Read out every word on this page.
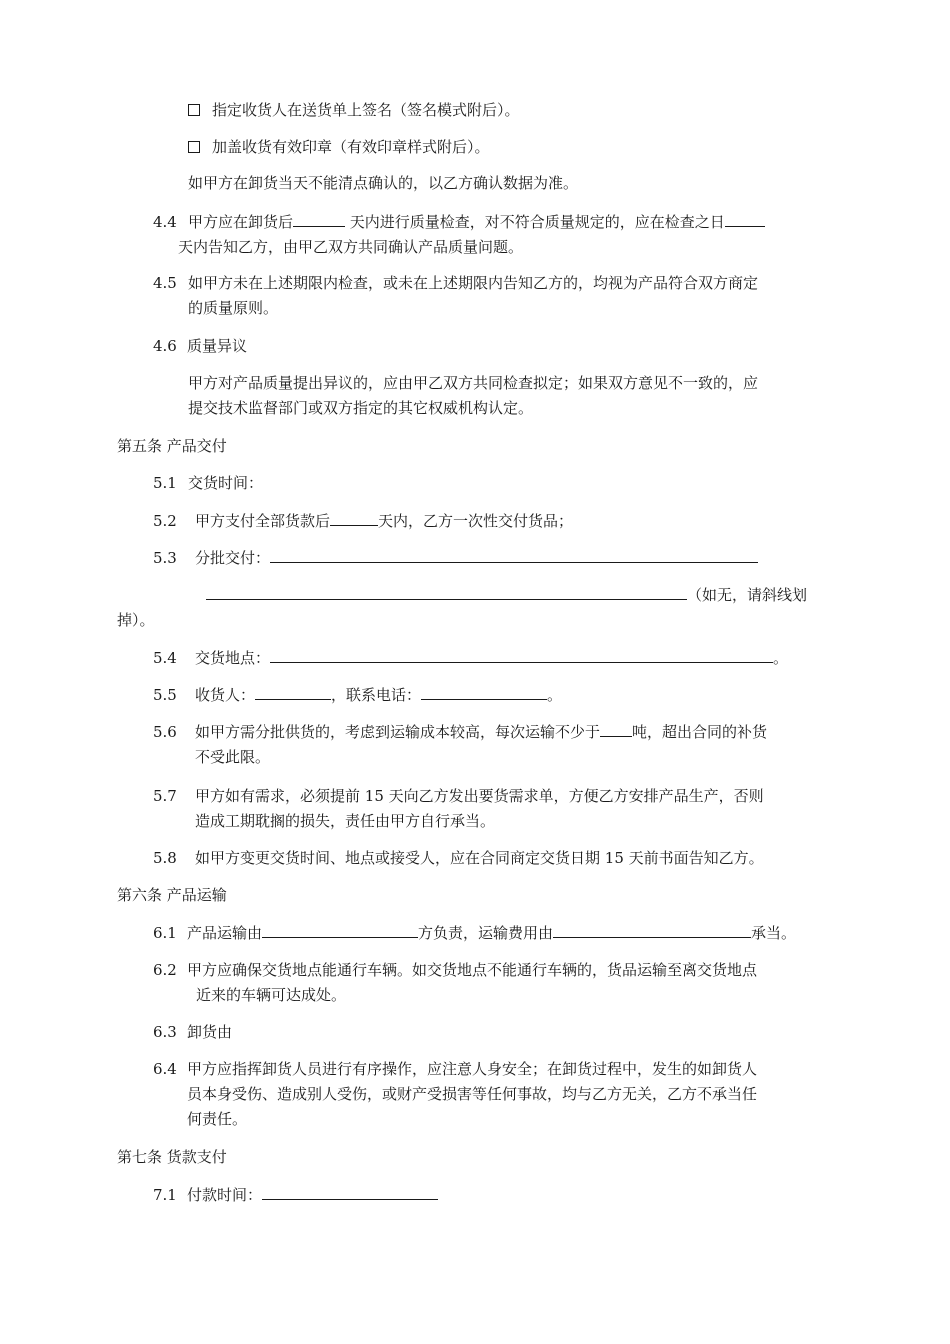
指定收货人在送货单上签名（签名模式附后）。
加盖收货有效印章（有效印章样式附后）。
如甲方在卸货当天不能清点确认的，以乙方确认数据为准。
4.4 甲方应在卸货后	天内进行质量检查，对不符合质量规定的，应在检查之日
天内告知乙方，由甲乙双方共同确认产品质量问题。
4.5 如甲方未在上述期限内检查，或未在上述期限内告知乙方的，均视为产品符合双方商定
的质量原则。
4.6 质量异议
甲方对产品质量提出异议的，应由甲乙双方共同检查拟定；如果双方意见不一致的，应
提交技术监督部门或双方指定的其它权威机构认定。
第五条 产品交付
5.1 交货时间：
5.2 甲方支付全部货款后	天内，乙方一次性交付货品；
5.3 分批交付：
（如无，请斜线划
掉）。
5.4 交货地点：	。
5.5 收货人：	，联系电话：	。
5.6 如甲方需分批供货的，考虑到运输成本较高，每次运输不少于 吨，超出合同的补货
不受此限。
5.7 甲方如有需求，必须提前 15 天向乙方发出要货需求单，方便乙方安排产品生产，否则
造成工期耽搁的损失，责任由甲方自行承当。
5.8 如甲方变更交货时间、地点或接受人，应在合同商定交货日期 15 天前书面告知乙方。
第六条 产品运输
6.1 产品运输由	方负责，运输费用由	承当。
6.2 甲方应确保交货地点能通行车辆。如交货地点不能通行车辆的，货品运输至离交货地点
近来的车辆可达成处。
6.3 卸货由
6.4 甲方应指挥卸货人员进行有序操作，应注意人身安全；在卸货过程中，发生的如卸货人
员本身受伤、造成别人受伤，或财产受损害等任何事故，均与乙方无关，乙方不承当任
何责任。
第七条 货款支付
7.1 付款时间：
